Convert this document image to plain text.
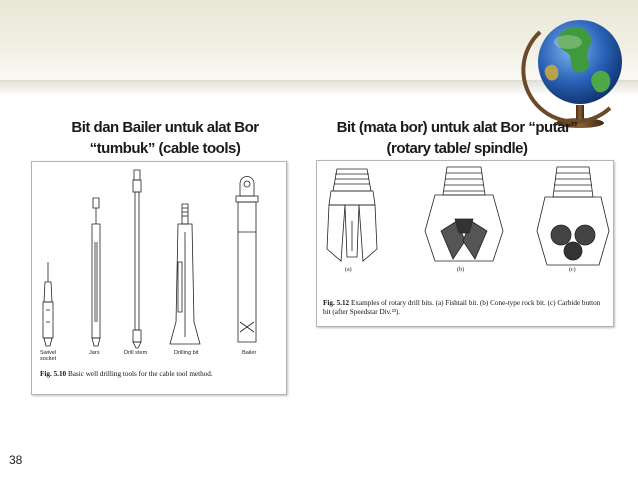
Bit dan Bailer untuk alat Bor
“tumbuk” (cable tools)
Bit (mata bor) untuk alat Bor “putar”
(rotary table/ spindle)
Swivel socket
Jars	Drill stem	Drilling bit	Bailer
Fig. 5.10 Basic well drilling tools for the cable tool method.
(a)	(b)	(c)
Fig. 5.12 Examples of rotary drill bits. (a) Fishtail bit. (b) Cone-type rock bit. (c) Carbide button bit (after Speedstar Div.²³).
38
